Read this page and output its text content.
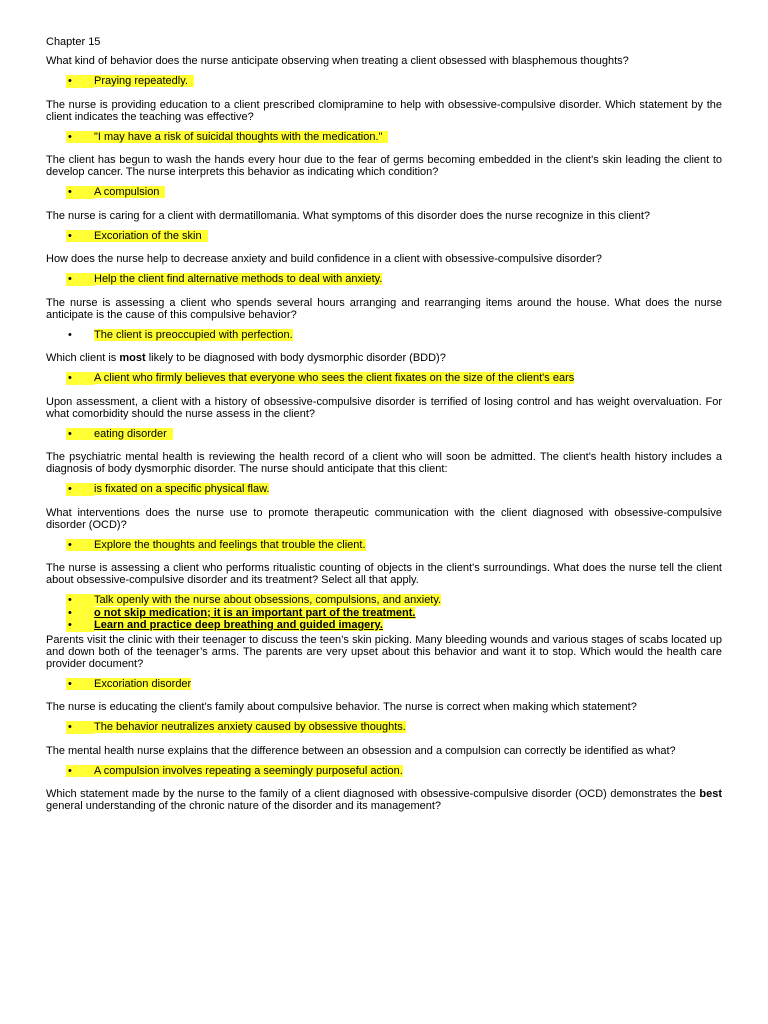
Chapter 15

What kind of behavior does the nurse anticipate observing when treating a client obsessed with blasphemous thoughts?

• Praying repeatedly.

The nurse is providing education to a client prescribed clomipramine to help with obsessive-compulsive disorder. Which statement by the client indicates the teaching was effective?

• "I may have a risk of suicidal thoughts with the medication."

The client has begun to wash the hands every hour due to the fear of germs becoming embedded in the client's skin leading the client to develop cancer. The nurse interprets this behavior as indicating which condition?

• A compulsion

The nurse is caring for a client with dermatillomania. What symptoms of this disorder does the nurse recognize in this client?

• Excoriation of the skin

How does the nurse help to decrease anxiety and build confidence in a client with obsessive-compulsive disorder?

• Help the client find alternative methods to deal with anxiety.

The nurse is assessing a client who spends several hours arranging and rearranging items around the house. What does the nurse anticipate is the cause of this compulsive behavior?

• The client is preoccupied with perfection.

Which client is most likely to be diagnosed with body dysmorphic disorder (BDD)?

• A client who firmly believes that everyone who sees the client fixates on the size of the client's ears

Upon assessment, a client with a history of obsessive-compulsive disorder is terrified of losing control and has weight overvaluation. For what comorbidity should the nurse assess in the client?

• eating disorder

The psychiatric mental health is reviewing the health record of a client who will soon be admitted. The client's health history includes a diagnosis of body dysmorphic disorder. The nurse should anticipate that this client:

• is fixated on a specific physical flaw.

What interventions does the nurse use to promote therapeutic communication with the client diagnosed with obsessive-compulsive disorder (OCD)?

• Explore the thoughts and feelings that trouble the client.

The nurse is assessing a client who performs ritualistic counting of objects in the client's surroundings. What does the nurse tell the client about obsessive-compulsive disorder and its treatment? Select all that apply.

• Talk openly with the nurse about obsessions, compulsions, and anxiety.
• o not skip medication; it is an important part of the treatment.
• Learn and practice deep breathing and guided imagery.

Parents visit the clinic with their teenager to discuss the teen’s skin picking. Many bleeding wounds and various stages of scabs located up and down both of the teenager’s arms. The parents are very upset about this behavior and want it to stop. Which would the health care provider document?

• Excoriation disorder

The nurse is educating the client’s family about compulsive behavior. The nurse is correct when making which statement?

• The behavior neutralizes anxiety caused by obsessive thoughts.

The mental health nurse explains that the difference between an obsession and a compulsion can correctly be identified as what?

• A compulsion involves repeating a seemingly purposeful action.

Which statement made by the nurse to the family of a client diagnosed with obsessive-compulsive disorder (OCD) demonstrates the best general understanding of the chronic nature of the disorder and its management?
